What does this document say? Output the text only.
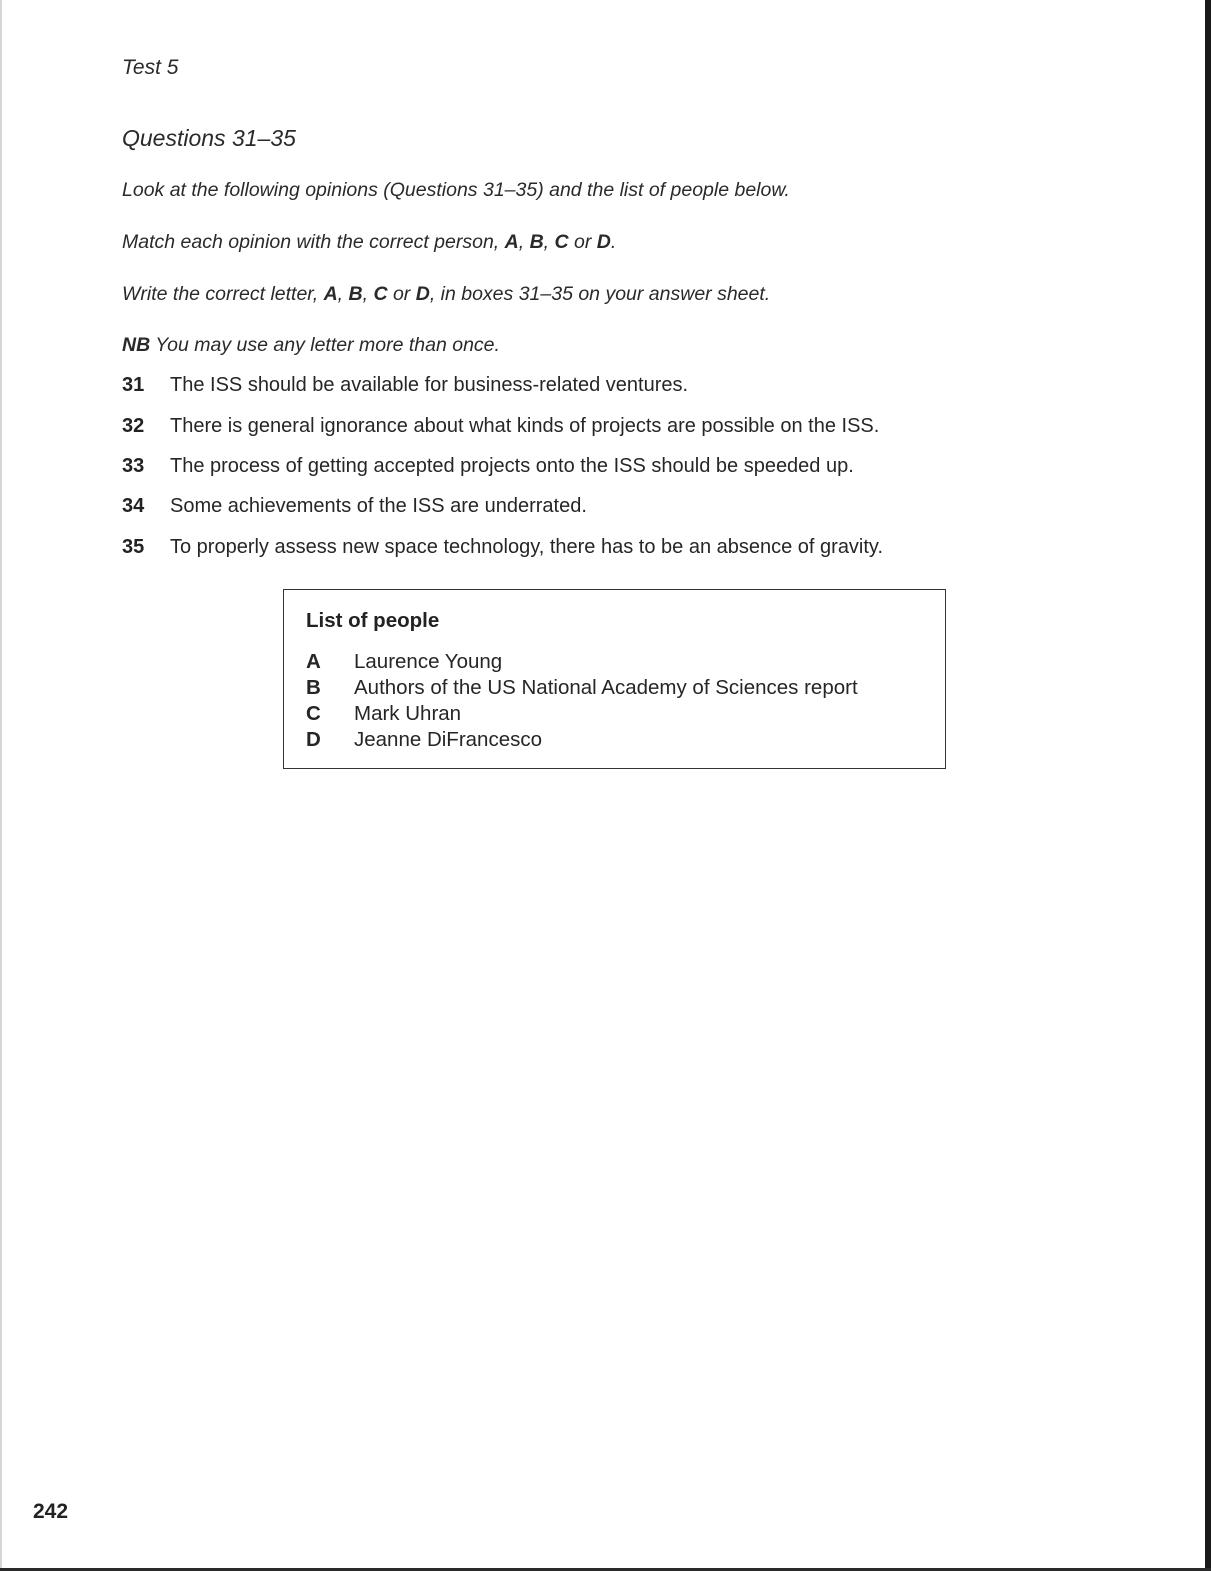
Test 5
Questions 31–35
Look at the following opinions (Questions 31–35) and the list of people below.
Match each opinion with the correct person, A, B, C or D.
Write the correct letter, A, B, C or D, in boxes 31–35 on your answer sheet.
NB You may use any letter more than once.
31 The ISS should be available for business-related ventures.
32 There is general ignorance about what kinds of projects are possible on the ISS.
33 The process of getting accepted projects onto the ISS should be speeded up.
34 Some achievements of the ISS are underrated.
35 To properly assess new space technology, there has to be an absence of gravity.
List of people
A Laurence Young
B Authors of the US National Academy of Sciences report
C Mark Uhran
D Jeanne DiFrancesco
242
